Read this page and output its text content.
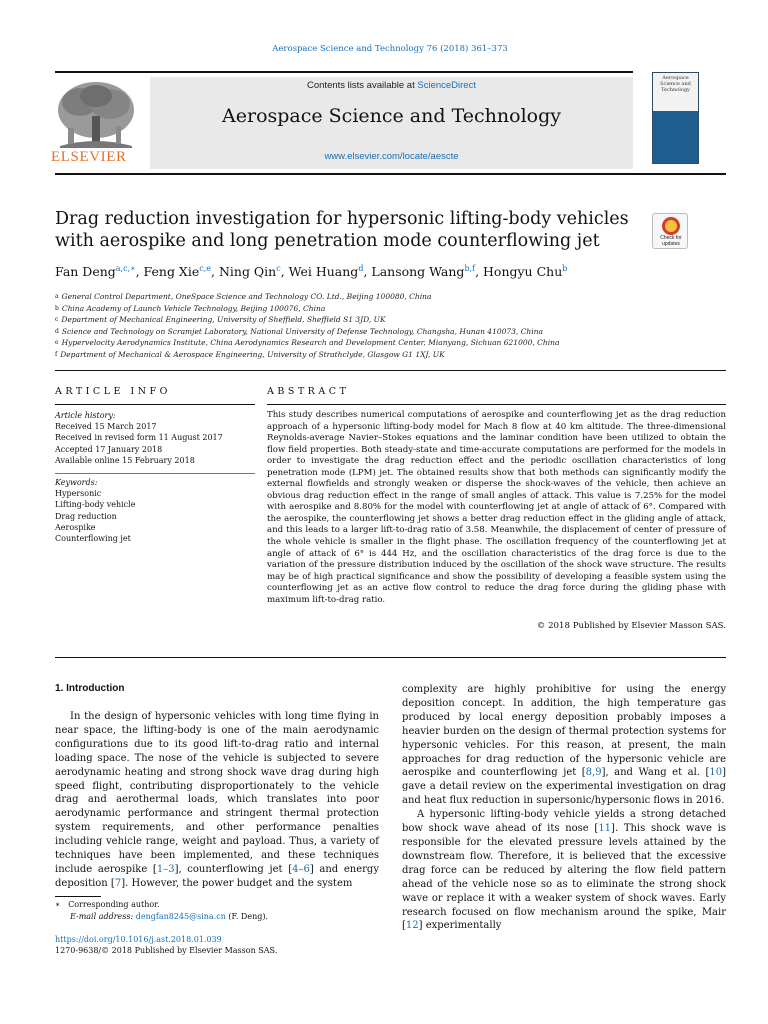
Aerospace Science and Technology 76 (2018) 361–373
ELSEVIER
Contents lists available at ScienceDirect
Aerospace Science and Technology
www.elsevier.com/locate/aescte
Aerospace Science and Technology
Drag reduction investigation for hypersonic lifting-body vehicles with aerospike and long penetration mode counterflowing jet	Check for updates
Fan Deng$^{a,c,∗}$, Feng Xie$^{c,e}$, Ning Qin$^c$, Wei Huang$^d$, Lansong Wang$^{b,f}$, Hongyu Chu$^b$
$^a$ General Control Department, OneSpace Science and Technology CO. Ltd., Beijing 100080, China
$^b$ China Academy of Launch Vehicle Technology, Beijing 100076, China
$^c$ Department of Mechanical Engineering, University of Sheffield, Sheffield S1 3JD, UK
$^d$ Science and Technology on Scramjet Laboratory, National University of Defense Technology, Changsha, Hunan 410073, China
$^e$ Hypervelocity Aerodynamics Institute, China Aerodynamics Research and Development Center, Mianyang, Sichuan 621000, China
$^f$ Department of Mechanical & Aerospace Engineering, University of Strathclyde, Glasgow G1 1XJ, UK
ARTICLE INFO	ABSTRACT
Article history:
Received 15 March 2017
Received in revised form 11 August 2017
Accepted 17 January 2018
Available online 15 February 2018
Keywords:
Hypersonic
Lifting-body vehicle
Drag reduction
Aerospike
Counterflowing jet
This study describes numerical computations of aerospike and counterflowing jet as the drag reduction approach of a hypersonic lifting-body model for Mach 8 flow at 40 km altitude. The three-dimensional Reynolds-average Navier–Stokes equations and the laminar condition have been utilized to obtain the flow field properties. Both steady-state and time-accurate computations are performed for the models in order to investigate the drag reduction effect and the periodic oscillation characteristics of long penetration mode (LPM) jet. The obtained results show that both methods can significantly modify the external flowfields and strongly weaken or disperse the shock-waves of the vehicle, then achieve an obvious drag reduction effect in the range of small angles of attack. This value is 7.25% for the model with aerospike and 8.80% for the model with counterflowing jet at angle of attack of 6°. Compared with the aerospike, the counterflowing jet shows a better drag reduction effect in the gliding angle of attack, and this leads to a larger lift-to-drag ratio of 3.58. Meanwhile, the displacement of center of pressure of the whole vehicle is smaller in the flight phase. The oscillation frequency of the counterflowing jet at angle of attack of 6° is 444 Hz, and the oscillation characteristics of the drag force is due to the variation of the pressure distribution induced by the oscillation of the shock wave structure. The results may be of high practical significance and show the possibility of developing a feasible system using the counterflowing jet as an active flow control to reduce the drag force during the gliding phase with maximum lift-to-drag ratio.
© 2018 Published by Elsevier Masson SAS.
1. Introduction
In the design of hypersonic vehicles with long time flying in near space, the lifting-body is one of the main aerodynamic configurations due to its good lift-to-drag ratio and internal loading space. The nose of the vehicle is subjected to severe aerodynamic heating and strong shock wave drag during high speed flight, contributing disproportionately to the vehicle drag and aerothermal loads, which translates into poor aerodynamic performance and stringent thermal protection system requirements, and other performance penalties including vehicle range, weight and payload. Thus, a variety of techniques have been implemented, and these techniques include aerospike [1–3], counterflowing jet [4–6] and energy deposition [7]. However, the power budget and the system

complexity are highly prohibitive for using the energy deposition concept. In addition, the high temperature gas produced by local energy deposition probably imposes a heavier burden on the design of thermal protection systems for hypersonic vehicles. For this reason, at present, the main approaches for drag reduction of the hypersonic vehicle are aerospike and counterflowing jet [8,9], and Wang et al. [10] gave a detail review on the experimental investigation on drag and heat flux reduction in supersonic/hypersonic flows in 2016.

A hypersonic lifting-body vehicle yields a strong detached bow shock wave ahead of its nose [11]. This shock wave is responsible for the elevated pressure levels attained by the downstream flow. Therefore, it is believed that the excessive drag force can be reduced by altering the flow field pattern ahead of the vehicle nose so as to eliminate the strong shock wave or replace it with a weaker system of shock waves. Early research focused on flow mechanism around the spike, Mair [12] experimentally

∗ Corresponding author.
E-mail address: dengfan8245@sina.cn (F. Deng).
https://doi.org/10.1016/j.ast.2018.01.039
1270-9638/© 2018 Published by Elsevier Masson SAS.
